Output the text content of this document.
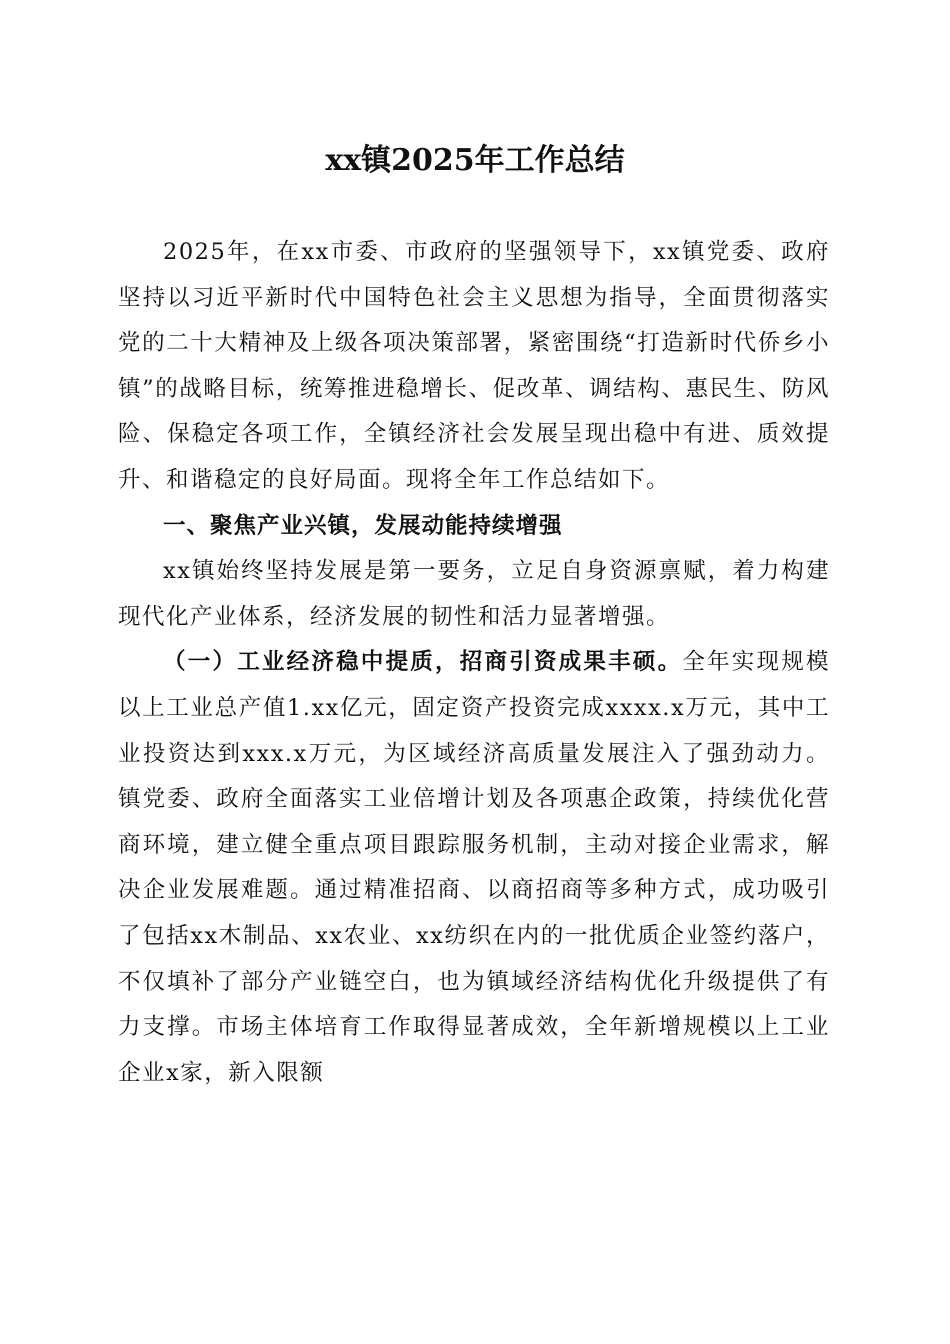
xx镇2025年工作总结

2025年，在xx市委、市政府的坚强领导下，xx镇党委、政府坚持以习近平新时代中国特色社会主义思想为指导，全面贯彻落实党的二十大精神及上级各项决策部署，紧密围绕“打造新时代侨乡小镇”的战略目标，统筹推进稳增长、促改革、调结构、惠民生、防风险、保稳定各项工作，全镇经济社会发展呈现出稳中有进、质效提升、和谐稳定的良好局面。现将全年工作总结如下。

一、聚焦产业兴镇，发展动能持续增强

xx镇始终坚持发展是第一要务，立足自身资源禀赋，着力构建现代化产业体系，经济发展的韧性和活力显著增强。

（一）工业经济稳中提质，招商引资成果丰硕。全年实现规模以上工业总产值1.xx亿元，固定资产投资完成xxxx.x万元，其中工业投资达到xxx.x万元，为区域经济高质量发展注入了强劲动力。镇党委、政府全面落实工业倍增计划及各项惠企政策，持续优化营商环境，建立健全重点项目跟踪服务机制，主动对接企业需求，解决企业发展难题。通过精准招商、以商招商等多种方式，成功吸引了包括xx木制品、xx农业、xx纺织在内的一批优质企业签约落户，不仅填补了部分产业链空白，也为镇域经济结构优化升级提供了有力支撑。市场主体培育工作取得显著成效，全年新增规模以上工业企业x家，新入限额
